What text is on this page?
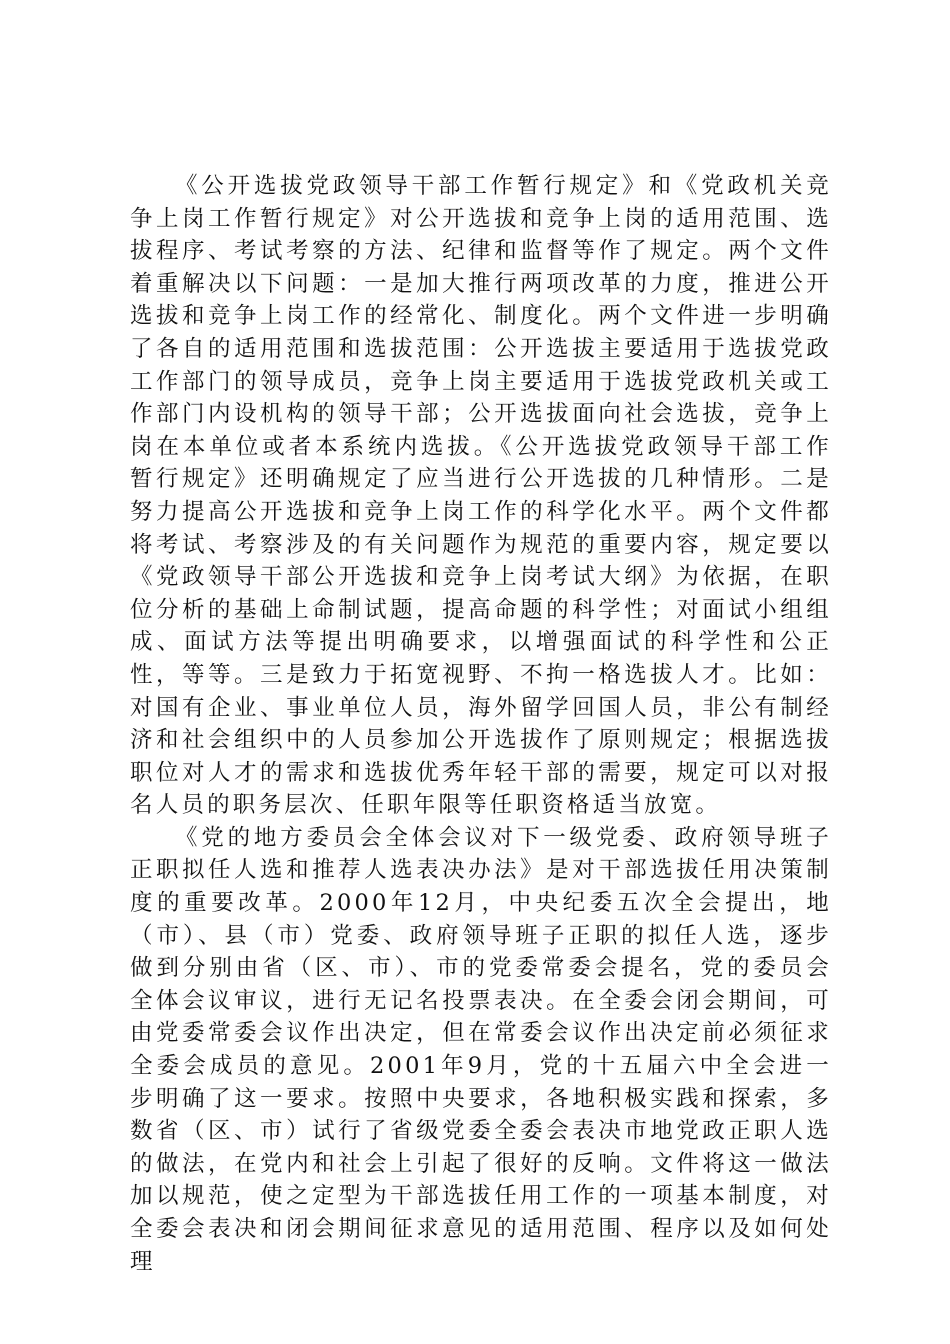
《公开选拔党政领导干部工作暂行规定》和《党政机关竞争上岗工作暂行规定》对公开选拔和竞争上岗的适用范围、选拔程序、考试考察的方法、纪律和监督等作了规定。两个文件着重解决以下问题：一是加大推行两项改革的力度，推进公开选拔和竞争上岗工作的经常化、制度化。两个文件进一步明确了各自的适用范围和选拔范围：公开选拔主要适用于选拔党政工作部门的领导成员，竞争上岗主要适用于选拔党政机关或工作部门内设机构的领导干部；公开选拔面向社会选拔，竞争上岗在本单位或者本系统内选拔。《公开选拔党政领导干部工作暂行规定》还明确规定了应当进行公开选拔的几种情形。二是努力提高公开选拔和竞争上岗工作的科学化水平。两个文件都将考试、考察涉及的有关问题作为规范的重要内容，规定要以《党政领导干部公开选拔和竞争上岗考试大纲》为依据，在职位分析的基础上命制试题，提高命题的科学性；对面试小组组成、面试方法等提出明确要求，以增强面试的科学性和公正性，等等。三是致力于拓宽视野、不拘一格选拔人才。比如：对国有企业、事业单位人员，海外留学回国人员，非公有制经济和社会组织中的人员参加公开选拔作了原则规定；根据选拔职位对人才的需求和选拔优秀年轻干部的需要，规定可以对报名人员的职务层次、任职年限等任职资格适当放宽。

《党的地方委员会全体会议对下一级党委、政府领导班子正职拟任人选和推荐人选表决办法》是对干部选拔任用决策制度的重要改革。2000年12月，中央纪委五次全会提出，地（市）、县（市）党委、政府领导班子正职的拟任人选，逐步做到分别由省（区、市）、市的党委常委会提名，党的委员会全体会议审议，进行无记名投票表决。在全委会闭会期间，可由党委常委会议作出决定，但在常委会议作出决定前必须征求全委会成员的意见。2001年9月，党的十五届六中全会进一步明确了这一要求。按照中央要求，各地积极实践和探索，多数省（区、市）试行了省级党委全委会表决市地党政正职人选的做法，在党内和社会上引起了很好的反响。文件将这一做法加以规范，使之定型为干部选拔任用工作的一项基本制度，对全委会表决和闭会期间征求意见的适用范围、程序以及如何处理
